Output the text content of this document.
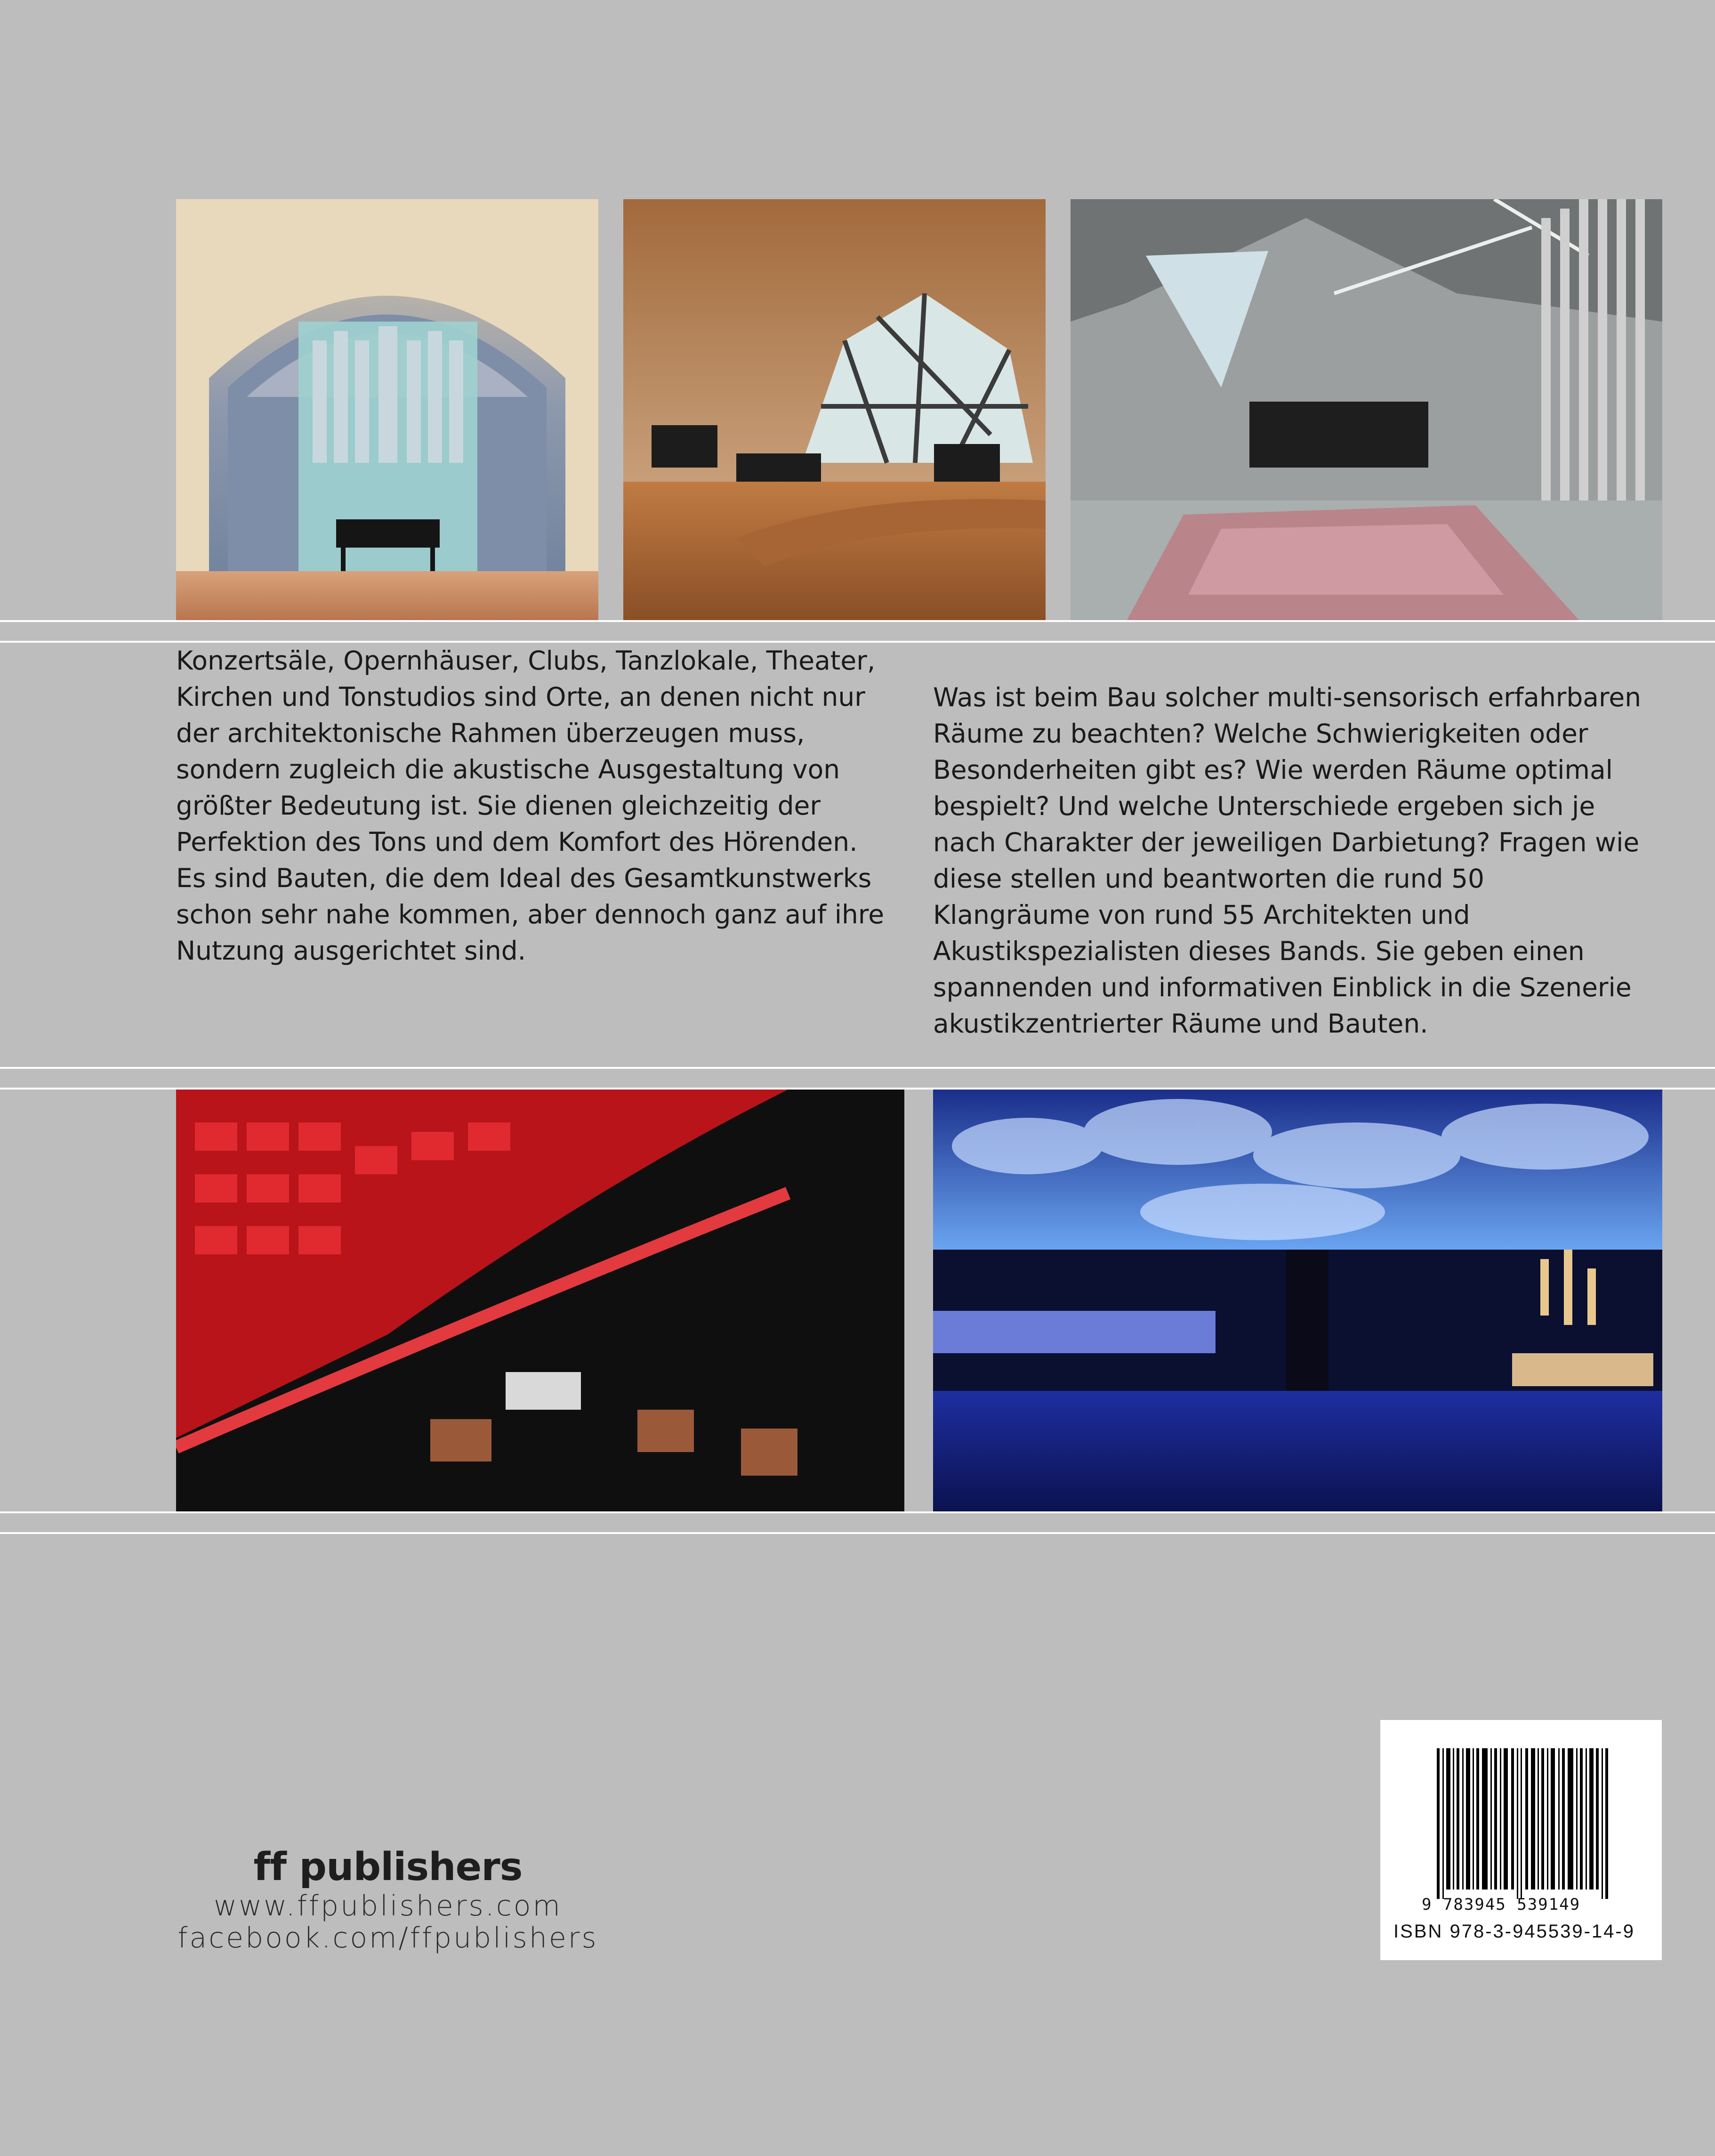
Konzertsäle, Opernhäuser, Clubs, Tanzlokale, Theater, Kirchen und Tonstudios sind Orte, an denen nicht nur der architektonische Rahmen überzeugen muss, sondern zugleich die akustische Ausgestaltung von größter Bedeutung ist. Sie dienen gleichzeitig der Perfektion des Tons und dem Komfort des Hörenden. Es sind Bauten, die dem Ideal des Gesamtkunstwerks schon sehr nahe kommen, aber dennoch ganz auf ihre Nutzung ausgerichtet sind.

Was ist beim Bau solcher multi-sensorisch erfahrbaren Räume zu beachten? Welche Schwierigkeiten oder Besonderheiten gibt es? Wie werden Räume optimal bespielt? Und welche Unterschiede ergeben sich je nach Charakter der jeweiligen Darbietung? Fragen wie diese stellen und beantworten die rund 50 Klangräume von rund 55 Architekten und Akustikspezialisten dieses Bands. Sie geben einen spannenden und informativen Einblick in die Szenerie akustikzentrierter Räume und Bauten.

ff publishers
www.ffpublishers.com
facebook.com/ffpublishers
9 783945 539149
ISBN 978-3-945539-14-9
